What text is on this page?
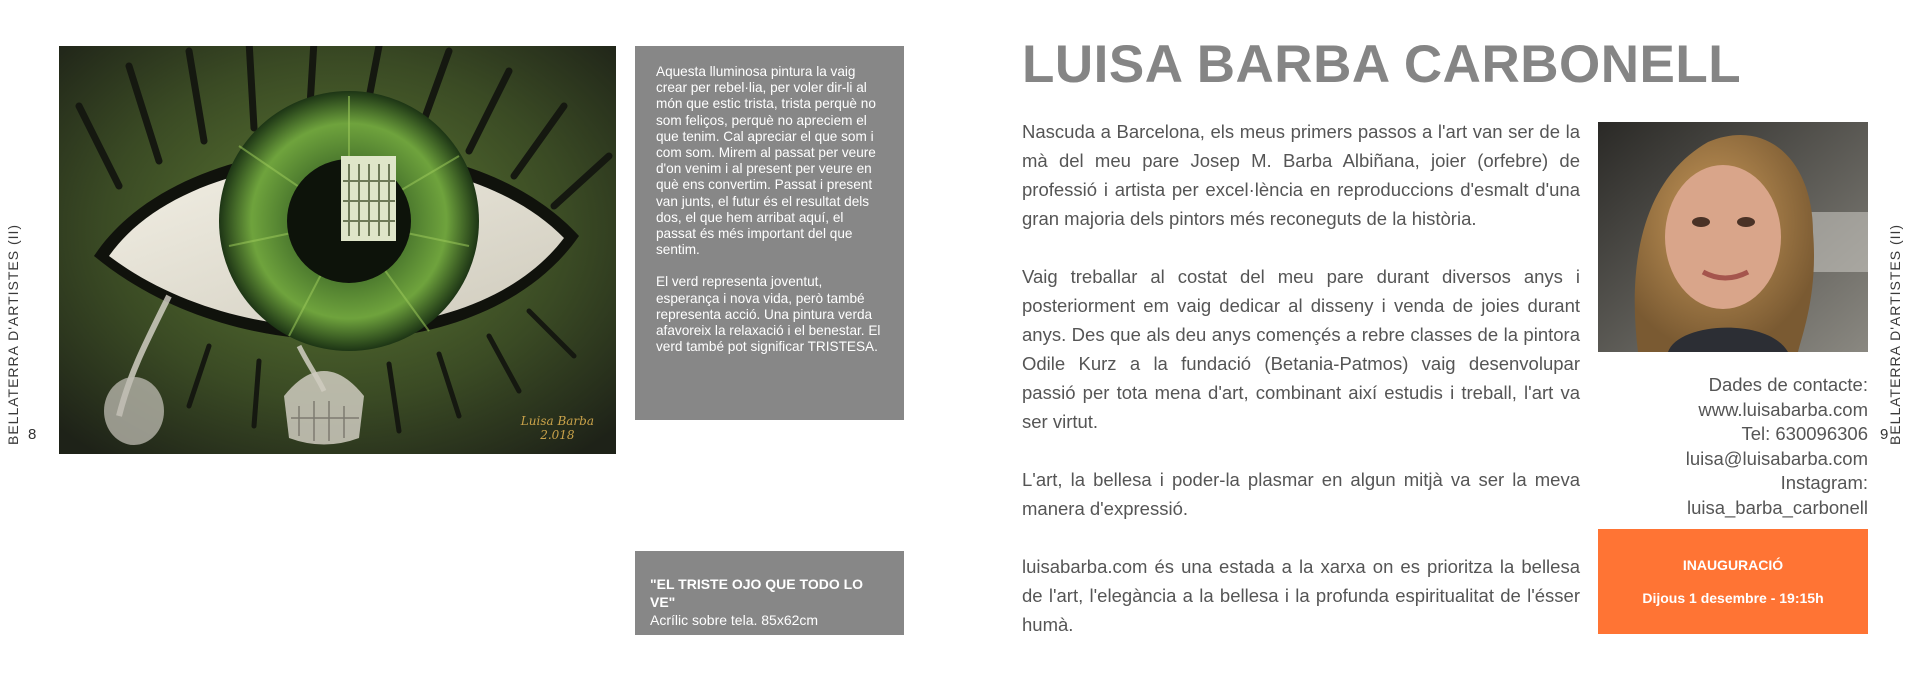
BELLATERRA D'ARTISTES (II) 8
Luisa Barba
2.018

Aquesta lluminosa pintura la vaig crear per rebel·lia, per voler dir-li al món que estic trista, trista perquè no som feliços, perquè no apreciem el que tenim. Cal apreciar el que som i com som. Mirem al passat per veure d'on venim i al present per veure en què ens convertim. Passat i present van junts, el futur és el resultat dels dos, el que hem arribat aquí, el passat és més important del que sentim.

El verd representa joventut, esperança i nova vida, però també representa acció. Una pintura verda afavoreix la relaxació i el benestar. El verd també pot significar TRISTESA.

"EL TRISTE OJO QUE TODO LO VE"
Acrílic sobre tela. 85x62cm
LUISA BARBA CARBONELL

Nascuda a Barcelona, els meus primers passos a l'art van ser de la mà del meu pare Josep M. Barba Albiñana, joier (orfebre) de professió i artista per excel·lència en reproduccions d'esmalt d'una gran majoria dels pintors més reconeguts de la història.

Vaig treballar al costat del meu pare durant diversos anys i posteriorment em vaig dedicar al disseny i venda de joies durant anys. Des que als deu anys començés a rebre classes de la pintora Odile Kurz a la fundació (Betania-Patmos) vaig desenvolupar passió per tota mena d'art, combinant així estudis i treball, l'art va ser virtut.

L'art, la bellesa i poder-la plasmar en algun mitjà va ser la meva manera d'expressió.

luisabarba.com és una estada a la xarxa on es prioritza la bellesa de l'art, l'elegància a la bellesa i la profunda espiritualitat de l'ésser humà.

Dades de contacte:
www.luisabarba.com
Tel: 630096306
luisa@luisabarba.com
Instagram:
luisa_barba_carbonell
INAUGURACIÓ
Dijous 1 desembre - 19:15h
BELLATERRA D'ARTISTES (II)
9
